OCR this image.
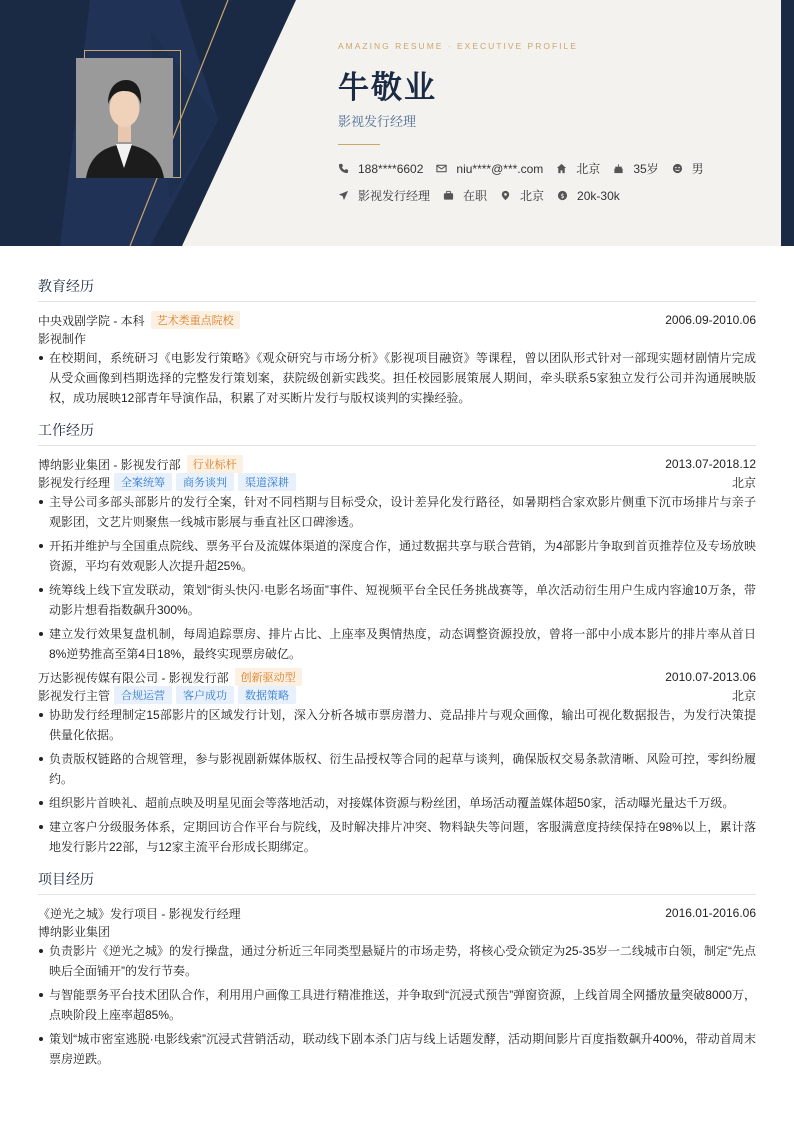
AMAZING RESUME · EXECUTIVE PROFILE
牛敬业
影视发行经理
188****6602	niu****@***.com	北京	35岁	男
影视发行经理	在职	北京 $ 20k-30k
教育经历
中央戏剧学院 - 本科	艺术类重点院校	2006.09-2010.06
影视制作
在校期间，系统研习《电影发行策略》《观众研究与市场分析》《影视项目融资》等课程，曾以团队形式针对一部现实题材剧情片完成从受众画像到档期选择的完整发行策划案，获院级创新实践奖。担任校园影展策展人期间，牵头联系5家独立发行公司并沟通展映版权，成功展映12部青年导演作品，积累了对买断片发行与版权谈判的实操经验。
工作经历
博纳影业集团 - 影视发行部	行业标杆	2013.07-2018.12
影视发行经理	全案统筹	商务谈判	渠道深耕	北京
主导公司多部头部影片的发行全案，针对不同档期与目标受众，设计差异化发行路径，如暑期档合家欢影片侧重下沉市场排片与亲子观影团，文艺片则聚焦一线城市影展与垂直社区口碑渗透。
开拓并维护与全国重点院线、票务平台及流媒体渠道的深度合作，通过数据共享与联合营销，为4部影片争取到首页推荐位及专场放映资源，平均有效观影人次提升超25%。
统筹线上线下宣发联动，策划“街头快闪·电影名场面”事件、短视频平台全民任务挑战赛等，单次活动衍生用户生成内容逾10万条，带动影片想看指数飙升300%。
建立发行效果复盘机制，每周追踪票房、排片占比、上座率及舆情热度，动态调整资源投放，曾将一部中小成本影片的排片率从首日8%逆势推高至第4日18%，最终实现票房破亿。
万达影视传媒有限公司 - 影视发行部	创新驱动型	2010.07-2013.06
影视发行主管	合规运营	客户成功	数据策略	北京
协助发行经理制定15部影片的区域发行计划，深入分析各城市票房潜力、竞品排片与观众画像，输出可视化数据报告，为发行决策提供量化依据。
负责版权链路的合规管理，参与影视剧新媒体版权、衍生品授权等合同的起草与谈判，确保版权交易条款清晰、风险可控，零纠纷履约。
组织影片首映礼、超前点映及明星见面会等落地活动，对接媒体资源与粉丝团，单场活动覆盖媒体超50家，活动曝光量达千万级。
建立客户分级服务体系，定期回访合作平台与院线，及时解决排片冲突、物料缺失等问题，客服满意度持续保持在98%以上，累计落地发行影片22部，与12家主流平台形成长期绑定。
项目经历
《逆光之城》发行项目 - 影视发行经理	2016.01-2016.06
博纳影业集团
负责影片《逆光之城》的发行操盘，通过分析近三年同类型悬疑片的市场走势，将核心受众锁定为25-35岁一二线城市白领，制定“先点映后全面铺开”的发行节奏。
与智能票务平台技术团队合作，利用用户画像工具进行精准推送，并争取到“沉浸式预告”弹窗资源，上线首周全网播放量突破8000万，点映阶段上座率超85%。
策划“城市密室逃脱·电影线索”沉浸式营销活动，联动线下剧本杀门店与线上话题发酵，活动期间影片百度指数飙升400%，带动首周末票房逆跌。
